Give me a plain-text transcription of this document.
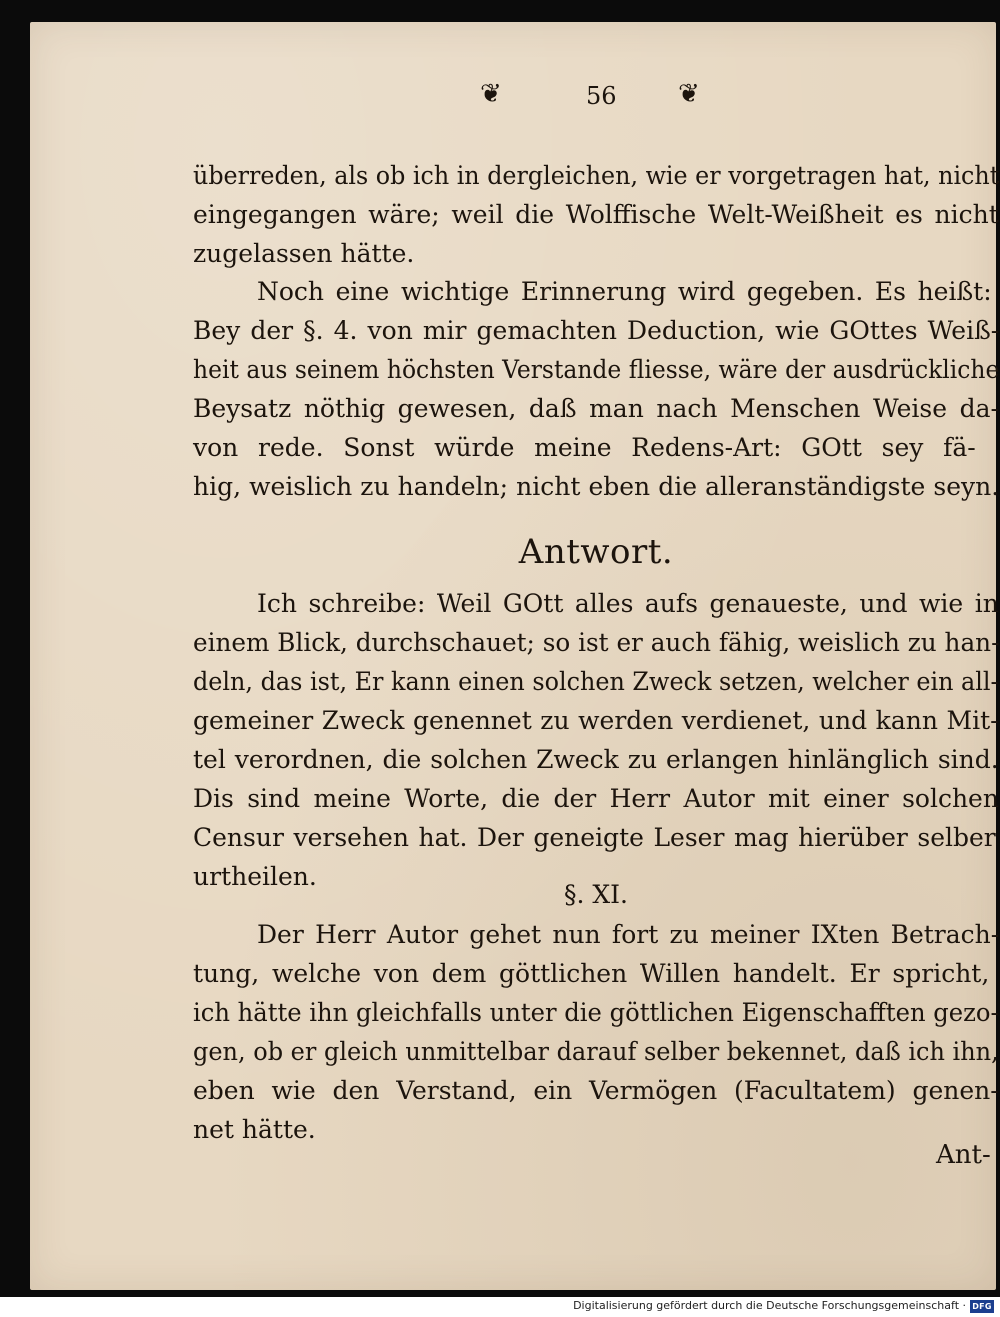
❦	56 ❦
überreden, als ob ich in dergleichen, wie er vorgetragen hat, nicht
eingegangen wäre; weil die Wolffische Welt-Weißheit es nicht
zugelassen hätte.
Noch eine wichtige Erinnerung wird gegeben. Es heißt:
Bey der §. 4. von mir gemachten Deduction, wie GOttes Weiß-
heit aus seinem höchsten Verstande fliesse, wäre der ausdrückliche
Beysatz nöthig gewesen, daß man nach Menschen Weise da-
von rede. Sonst würde meine Redens-Art: GOtt sey fä-
hig, weislich zu handeln; nicht eben die alleranständigste seyn.
Antwort.
Ich schreibe: Weil GOtt alles aufs genaueste, und wie in
einem Blick, durchschauet; so ist er auch fähig, weislich zu han-
deln, das ist, Er kann einen solchen Zweck setzen, welcher ein all-
gemeiner Zweck genennet zu werden verdienet, und kann Mit-
tel verordnen, die solchen Zweck zu erlangen hinlänglich sind.
Dis sind meine Worte, die der Herr Autor mit einer solchen
Censur versehen hat. Der geneigte Leser mag hierüber selber
urtheilen.
§. XI.
Der Herr Autor gehet nun fort zu meiner IXten Betrach-
tung, welche von dem göttlichen Willen handelt. Er spricht,
ich hätte ihn gleichfalls unter die göttlichen Eigenschafften gezo-
gen, ob er gleich unmittelbar darauf selber bekennet, daß ich ihn,
eben wie den Verstand, ein Vermögen (Facultatem) genen-
net hätte.
Ant-
Digitalisierung gefördert durch die Deutsche Forschungsgemeinschaft · DFG
